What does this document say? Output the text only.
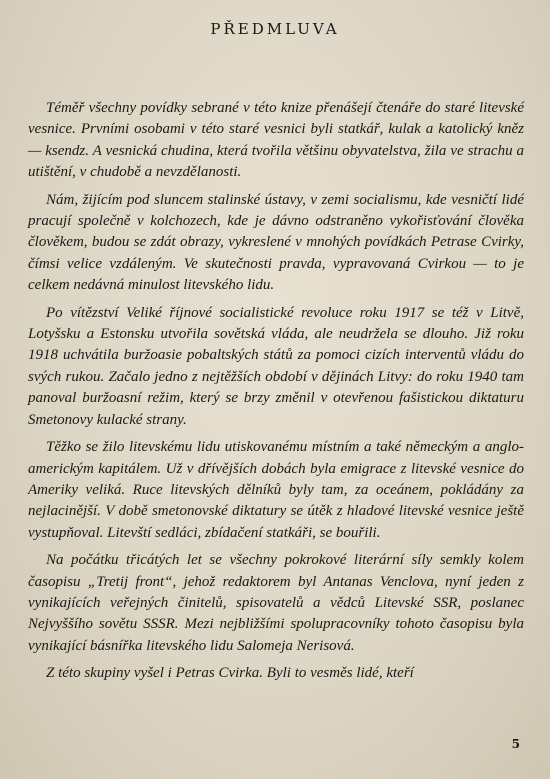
PŘEDMLUVA

Téměř všechny povídky sebrané v této knize přenášejí čtenáře do staré litevské vesnice. Prvními osobami v této staré vesnici byli statkář, kulak a katolický kněz — ksendz. A vesnická chudina, která tvořila většinu obyvatelstva, žila ve strachu a utištění, v chudobě a nevzdělanosti.

Nám, žijícím pod sluncem stalinské ústavy, v zemi socialismu, kde vesničtí lidé pracují společně v kolchozech, kde je dávno odstraněno vykořisťování člověka člověkem, budou se zdát obrazy, vykreslené v mnohých povídkách Petrase Cvirky, čímsi velice vzdáleným. Ve skutečnosti pravda, vypravovaná Cvirkou — to je celkem nedávná minulost litevského lidu.

Po vítězství Veliké říjnové socialistické revoluce roku 1917 se též v Litvě, Lotyšsku a Estonsku utvořila sovětská vláda, ale neudržela se dlouho. Již roku 1918 uchvátila buržoasie pobaltských států za pomoci cizích interventů vládu do svých rukou. Začalo jedno z nejtěžších období v dějinách Litvy: do roku 1940 tam panoval buržoasní režim, který se brzy změnil v otevřenou fašistickou diktaturu Smetonovy kulacké strany.

Těžko se žilo litevskému lidu utiskovanému místním a také německým a anglo-americkým kapitálem. Už v dřívějších dobách byla emigrace z litevské vesnice do Ameriky veliká. Ruce litevských dělníků byly tam, za oceánem, pokládány za nejlacinější. V době smetonovské diktatury se útěk z hladové litevské vesnice ještě vystupňoval. Litevští sedláci, zbídačení statkáři, se bouřili.

Na počátku třicátých let se všechny pokrokové literární síly semkly kolem časopisu „Tretij front“, jehož redaktorem byl Antanas Venclova, nyní jeden z vynikajících veřejných činitelů, spisovatelů a vědců Litevské SSR, poslanec Nejvyššího sovětu SSSR. Mezi nejbližšími spolupracovníky tohoto časopisu byla vynikající básnířka litevského lidu Salomeja Nerisová.

Z této skupiny vyšel i Petras Cvirka. Byli to vesměs lidé, kteří

5
